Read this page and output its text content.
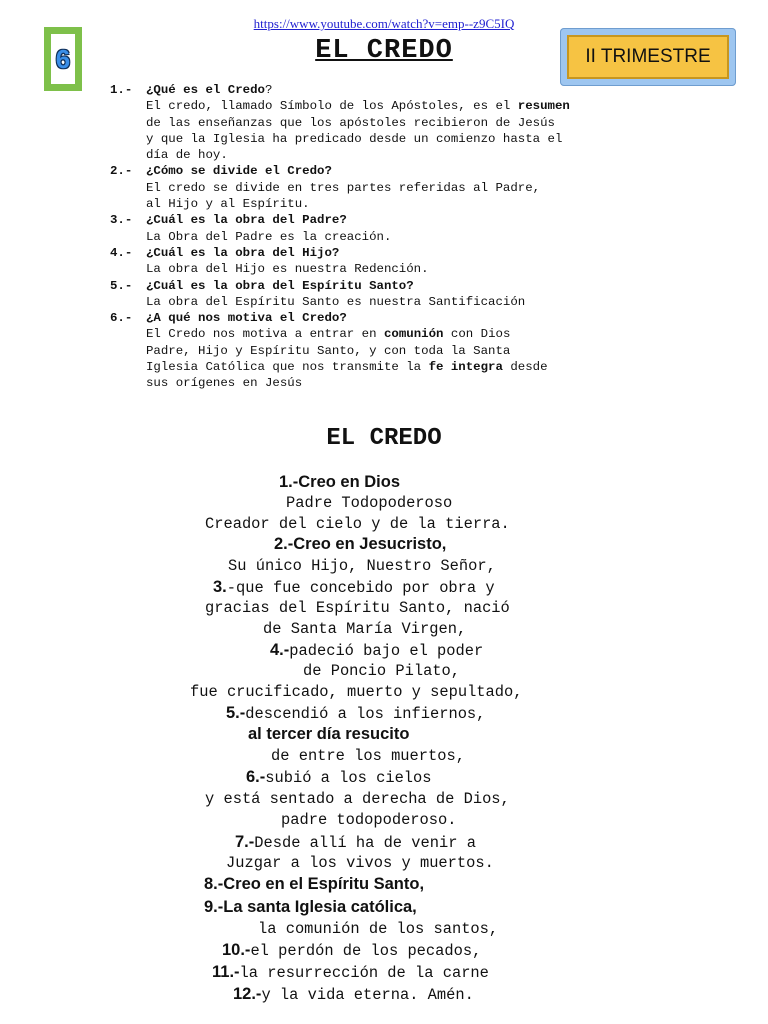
https://www.youtube.com/watch?v=emp--z9C5IQ
6	II TRIMESTRE
EL CREDO
1.-	¿Qué es el Credo ?
El credo, llamado Símbolo de los Apóstoles, es el resumen
de las enseñanzas que los apóstoles recibieron de Jesús
y que la Iglesia ha predicado desde un comienzo hasta el
día de hoy.
2.-	¿Cómo se divide el Credo?
El credo se divide en tres partes referidas al Padre,
al Hijo y al Espíritu.
3.-	¿Cuál es la obra del Padre?
La Obra del Padre es la creación.
4.-	¿Cuál es la obra del Hijo?
La obra del Hijo es nuestra Redención.
5.-	¿Cuál es la obra del Espíritu Santo?
La obra del Espíritu Santo es nuestra Santificación
6.-	¿A qué nos motiva el Credo?
El Credo nos motiva a entrar en comunión con Dios
Padre, Hijo y Espíritu Santo, y con toda la Santa
Iglesia Católica que nos transmite la fe integra desde
sus orígenes en Jesús
EL CREDO
1.-Creo en Dios
Padre Todopoderoso
Creador del cielo y de la tierra.
2.-Creo en Jesucristo,
Su único Hijo, Nuestro Señor,
3.-que fue concebido por obra y
gracias del Espíritu Santo, nació
de Santa María Virgen,
4.-padeció bajo el poder
de Poncio Pilato,
fue crucificado, muerto y sepultado,
5.-descendió a los infiernos,
al tercer día resucito
de entre los muertos,
6.-subió a los cielos
y está sentado a derecha de Dios,
padre todopoderoso.
7.-Desde allí ha de venir a
Juzgar a los vivos y muertos.
8.-Creo en el Espíritu Santo,
9.-La santa Iglesia católica,
la comunión de los santos,
10.-el perdón de los pecados,
11.-la resurrección de la carne
12.-y la vida eterna. Amén.
